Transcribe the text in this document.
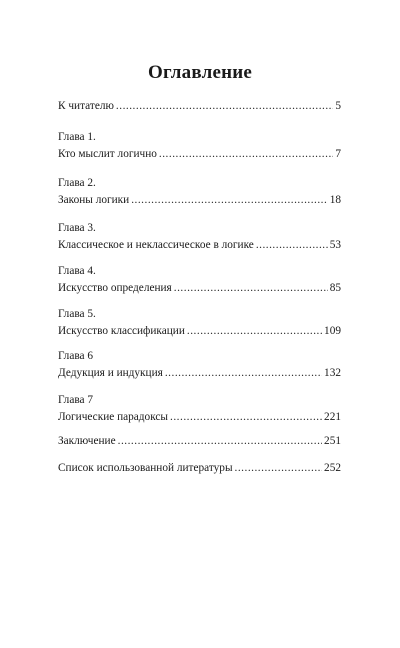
Оглавление
К читателю .....	5
Глава 1.
Кто мыслит логично .....	7
Глава 2.
Законы логики .....	18
Глава 3.
Классическое и неклассическое в логике .....	53
Глава 4.
Искусство определения .....	85
Глава 5.
Искусство классификации .....	109
Глава 6
Дедукция и индукция .....	132
Глава 7
Логические парадоксы .....	221
Заключение .....	251
Список использованной литературы .....	252
